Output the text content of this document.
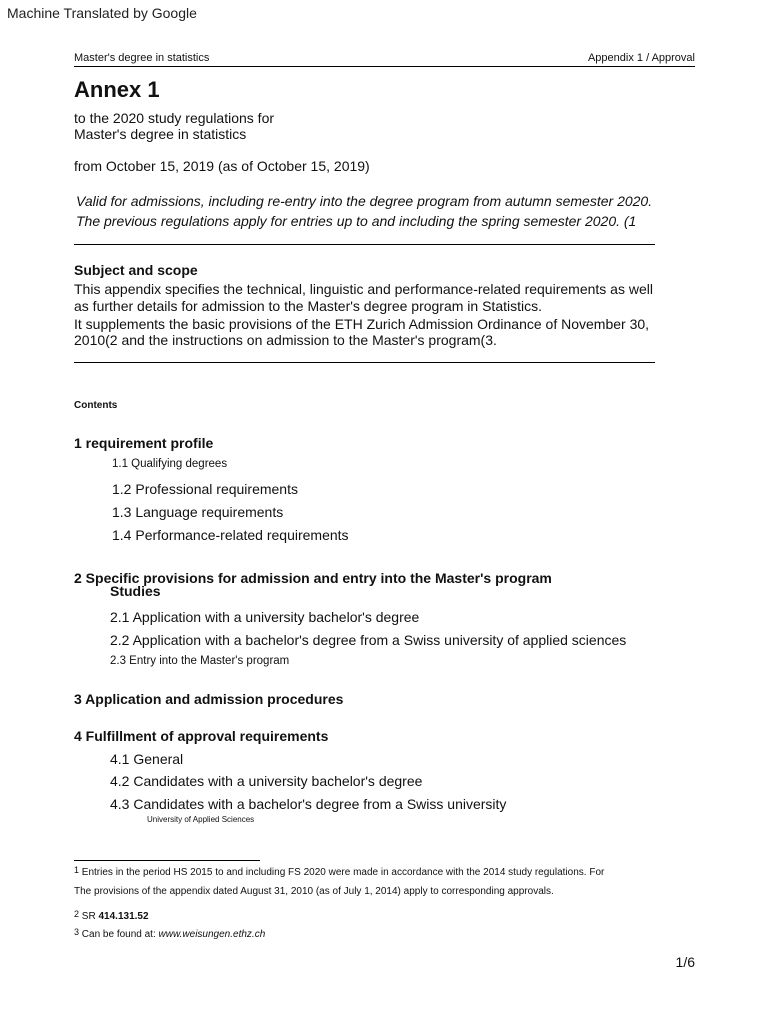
Machine Translated by Google
Master's degree in statistics	Appendix 1 / Approval
Annex 1
to the 2020 study regulations for
Master's degree in statistics
from October 15, 2019 (as of October 15, 2019)
Valid for admissions, including re-entry into the degree program from autumn semester 2020.
The previous regulations apply for entries up to and including the spring semester 2020. (1
Subject and scope
This appendix specifies the technical, linguistic and performance-related requirements as well
as further details for admission to the Master's degree program in Statistics.
It supplements the basic provisions of the ETH Zurich Admission Ordinance of November 30,
2010(2 and the instructions on admission to the Master's program(3.
Contents
1 requirement profile
1.1 Qualifying degrees
1.2 Professional requirements
1.3 Language requirements
1.4 Performance-related requirements
2 Specific provisions for admission and entry into the Master's program
Studies
2.1 Application with a university bachelor's degree
2.2 Application with a bachelor's degree from a Swiss university of applied sciences
2.3 Entry into the Master's program
3 Application and admission procedures
4 Fulfillment of approval requirements
4.1 General
4.2 Candidates with a university bachelor's degree
4.3 Candidates with a bachelor's degree from a Swiss university
University of Applied Sciences
$^1$ Entries in the period HS 2015 to and including FS 2020 were made in accordance with the 2014 study regulations. For
The provisions of the appendix dated August 31, 2010 (as of July 1, 2014) apply to corresponding approvals.
$^2$ SR 414.131.52
$^3$ Can be found at: www.weisungen.ethz.ch
1/6
